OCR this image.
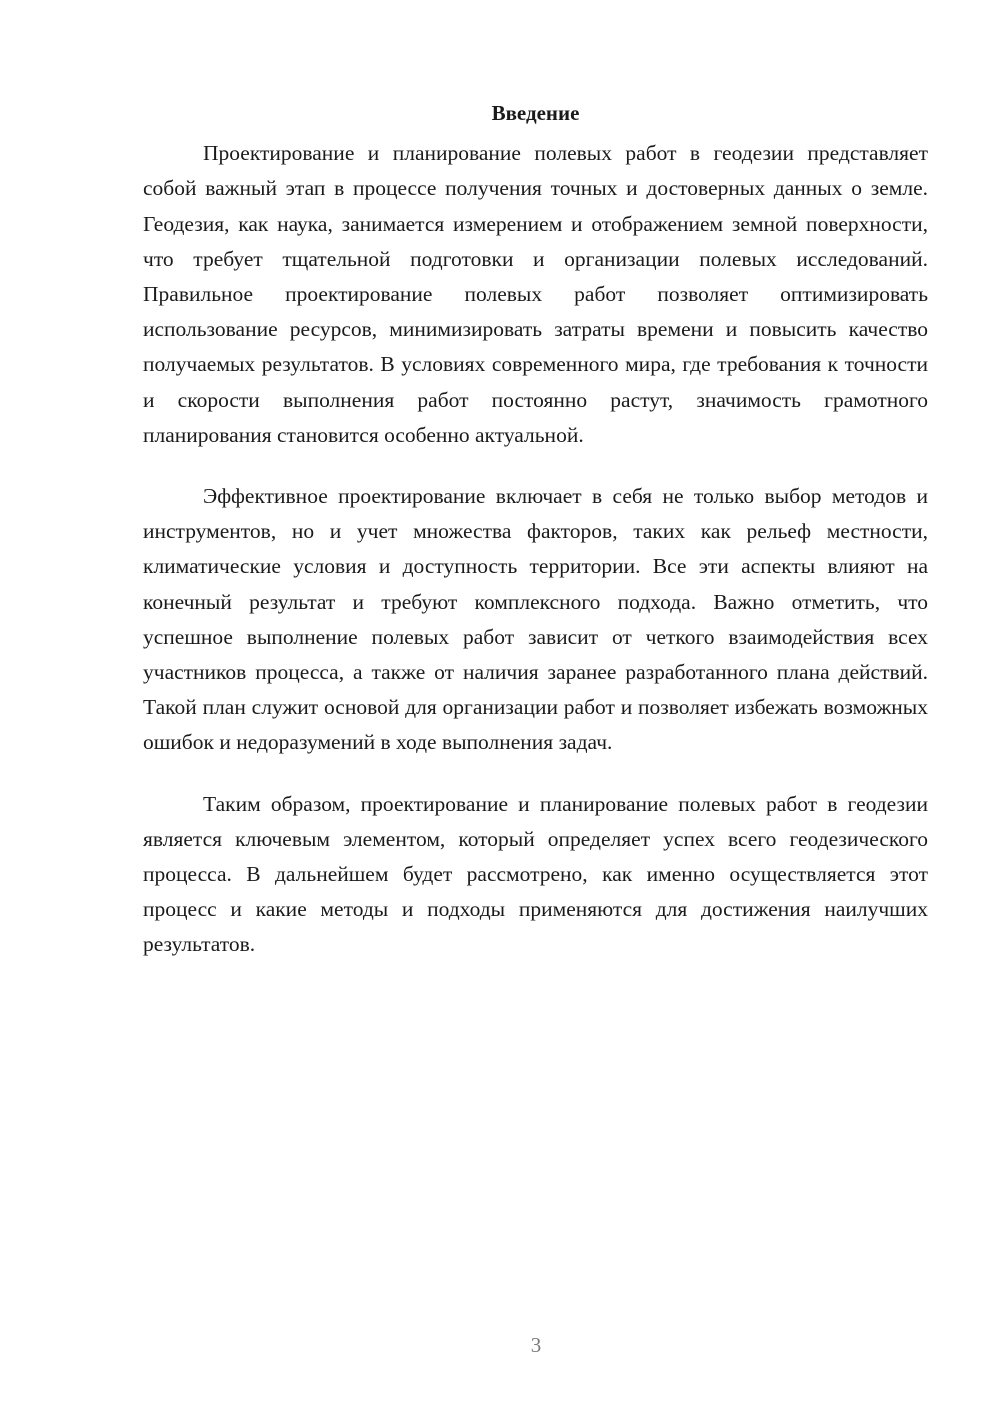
Введение

Проектирование и планирование полевых работ в геодезии представляет собой важный этап в процессе получения точных и достоверных данных о земле. Геодезия, как наука, занимается измерением и отображением земной поверхности, что требует тщательной подготовки и организации полевых исследований. Правильное проектирование полевых работ позволяет оптимизировать использование ресурсов, минимизировать затраты времени и повысить качество получаемых результатов. В условиях современного мира, где требования к точности и скорости выполнения работ постоянно растут, значимость грамотного планирования становится особенно актуальной.

Эффективное проектирование включает в себя не только выбор методов и инструментов, но и учет множества факторов, таких как рельеф местности, климатические условия и доступность территории. Все эти аспекты влияют на конечный результат и требуют комплексного подхода. Важно отметить, что успешное выполнение полевых работ зависит от четкого взаимодействия всех участников процесса, а также от наличия заранее разработанного плана действий. Такой план служит основой для организации работ и позволяет избежать возможных ошибок и недоразумений в ходе выполнения задач.

Таким образом, проектирование и планирование полевых работ в геодезии является ключевым элементом, который определяет успех всего геодезического процесса. В дальнейшем будет рассмотрено, как именно осуществляется этот процесс и какие методы и подходы применяются для достижения наилучших результатов.

3
